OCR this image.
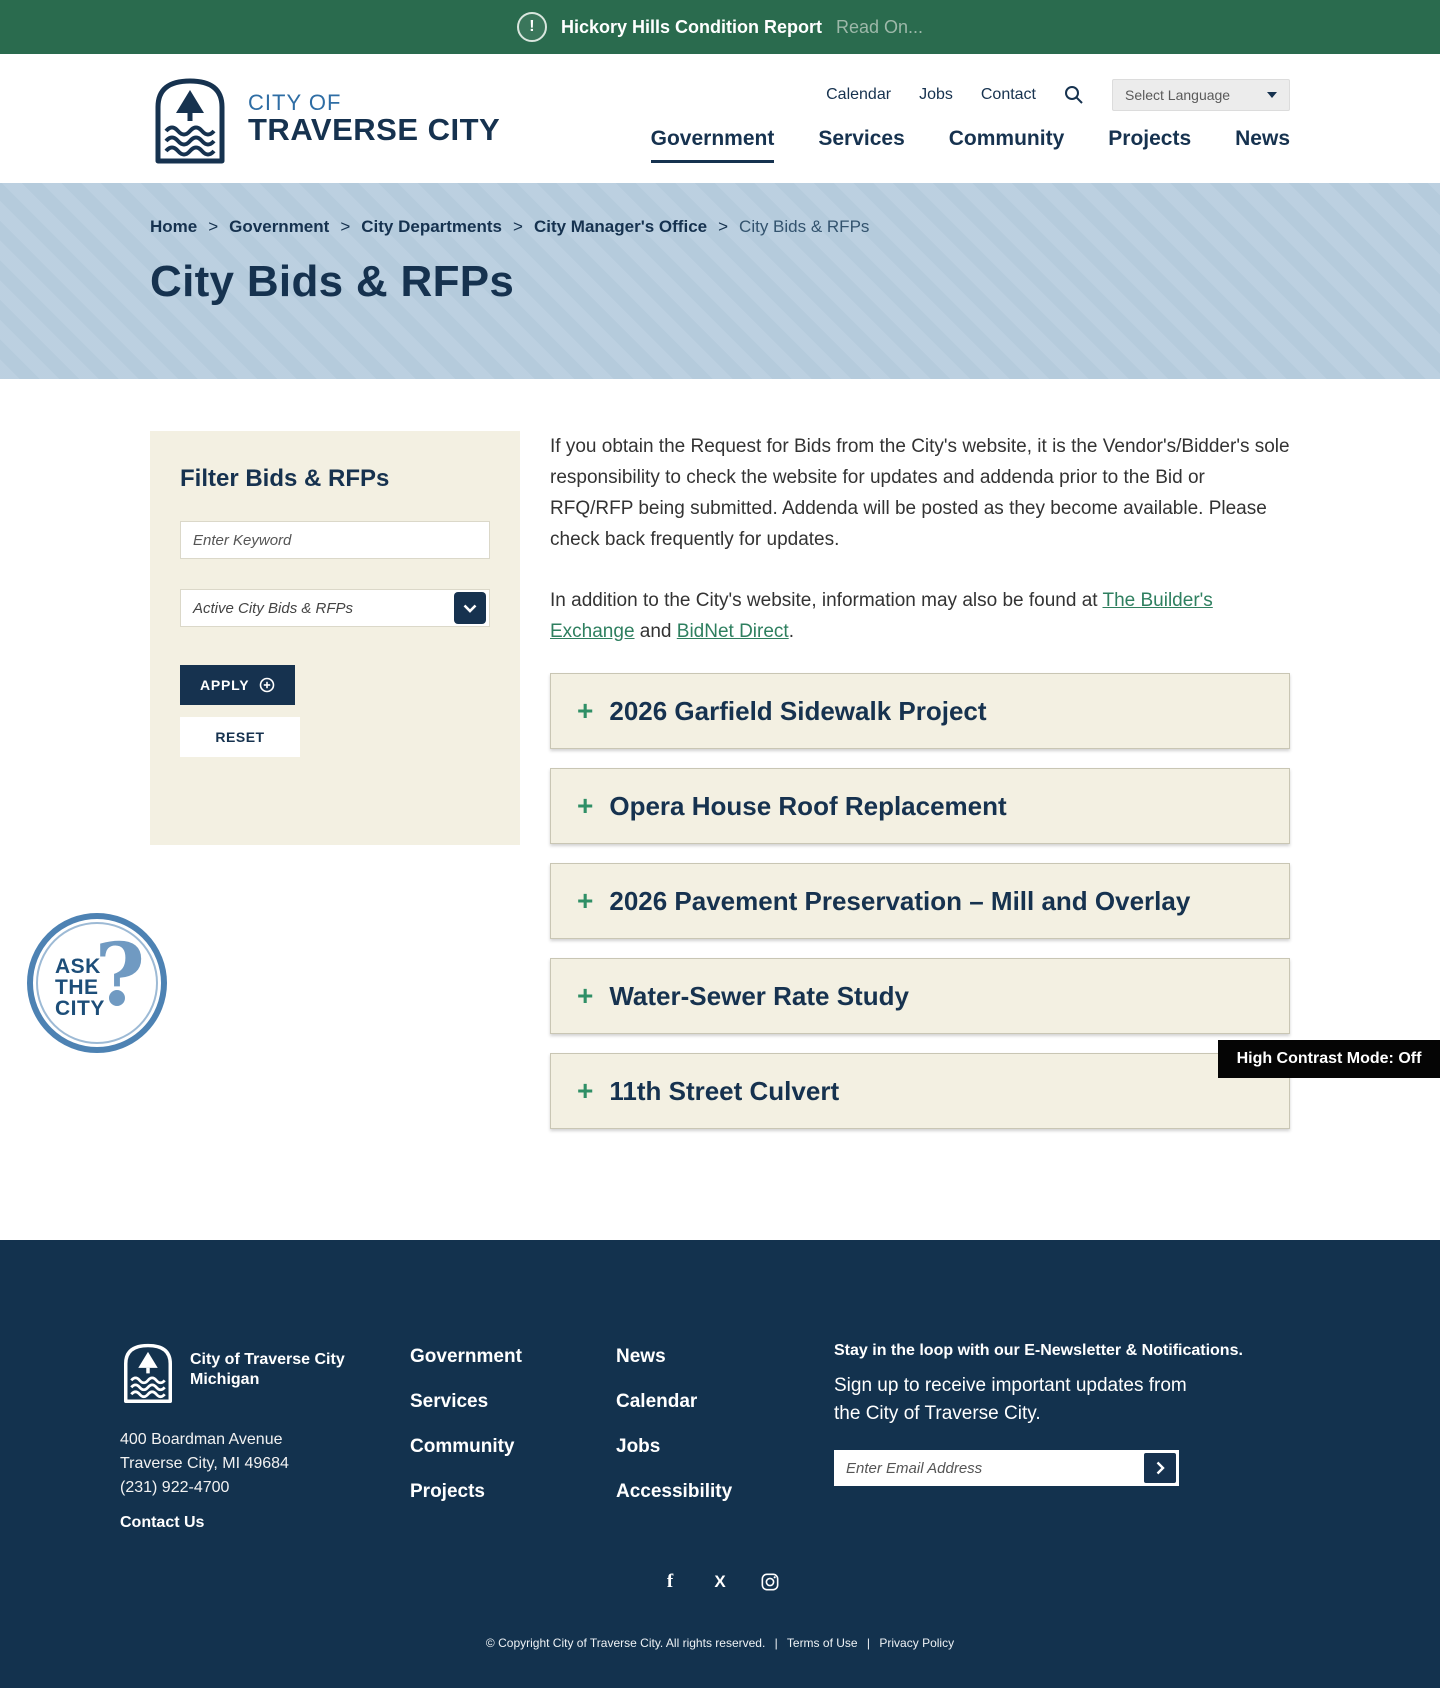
!	Hickory Hills Condition Report Read On...
CITY OF
TRAVERSE CITY
Calendar Jobs Contact	Select Language
Government Services Community Projects News
Home > Government > City Departments > City Manager's Office > City Bids & RFPs
City Bids & RFPs
Filter Bids & RFPs
Enter Keyword
Active City Bids & RFPs
APPLY
RESET

If you obtain the Request for Bids from the City's website, it is the Vendor's/Bidder's sole responsibility to check the website for updates and addenda prior to the Bid or RFQ/RFP being submitted. Addenda will be posted as they become available. Please check back frequently for updates.

In addition to the City's website, information may also be found at The Builder's Exchange and BidNet Direct.

+ 2026 Garfield Sidewalk Project
+ Opera House Roof Replacement
+ 2026 Pavement Preservation – Mill and Overlay
+ Water-Sewer Rate Study
+ 11th Street Culvert
?
ASK
THE
CITY
High Contrast Mode: Off
City of Traverse City
Michigan
400 Boardman Avenue
Traverse City, MI 49684
(231) 922-4700
Contact Us
Government
Services
Community
Projects
News
Calendar
Jobs
Accessibility
Stay in the loop with our E-Newsletter & Notifications.
Sign up to receive important updates from the City of Traverse City.
Enter Email Address
f X
© Copyright City of Traverse City. All rights reserved. | Terms of Use | Privacy Policy
